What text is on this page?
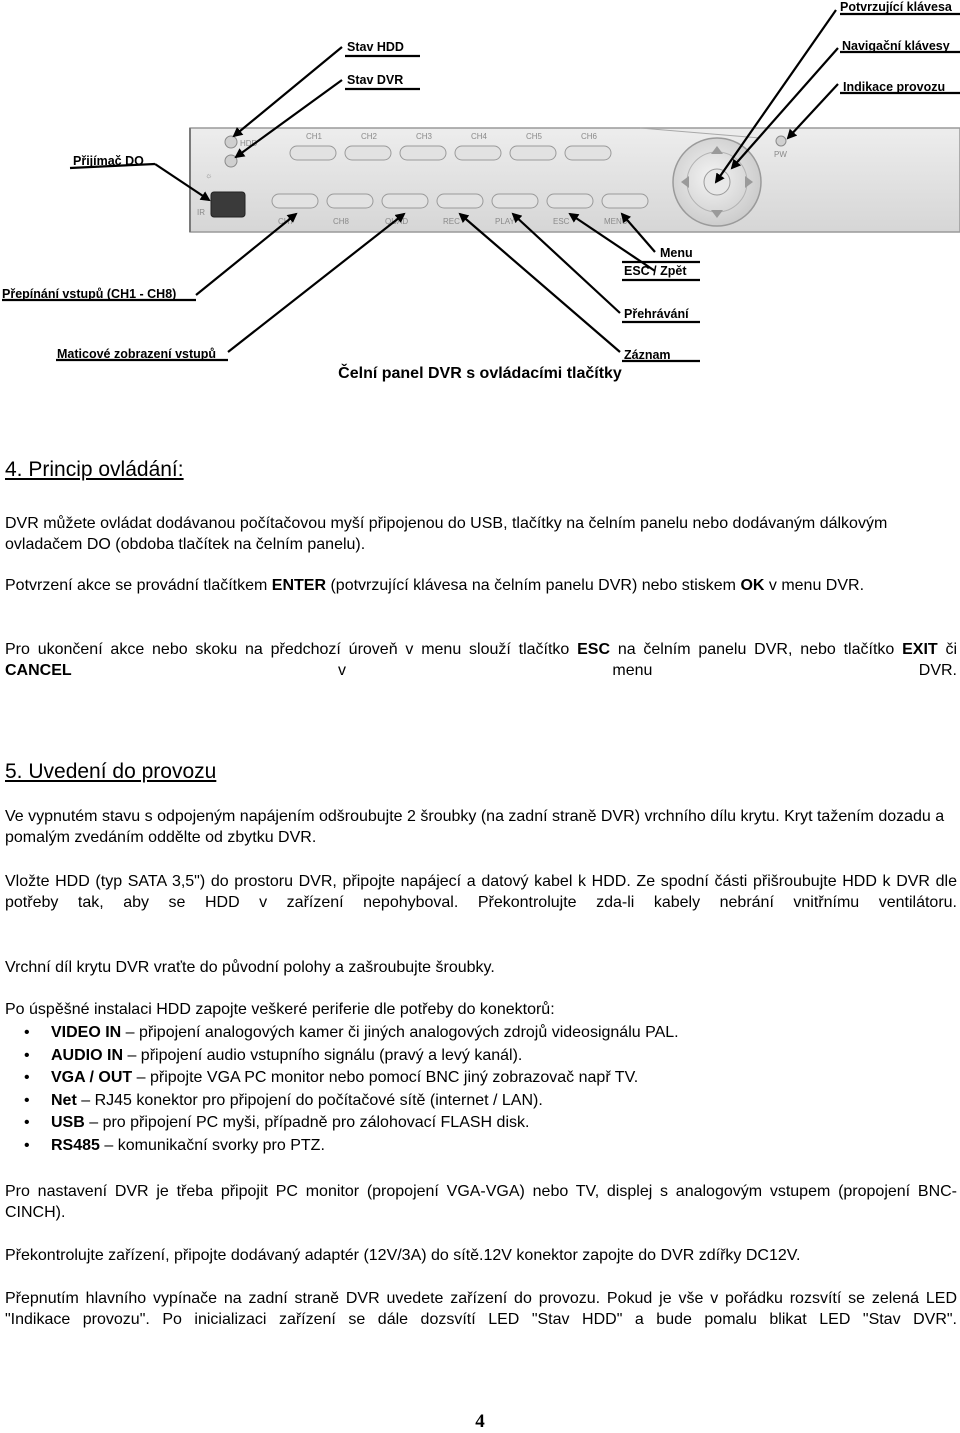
HDD
☼
IR
CH1	CH2	CH3	CH4	CH5	CH6
CH7	CH8	QUAD	REC	PLAY	ESC	MENU
PW
Potvrzující klávesa
Navigační klávesy
Indikace provozu
Stav HDD
Stav DVR
Přijímač DO
Přepínání vstupů (CH1 - CH8)
Maticové zobrazení vstupů
Menu
ESC / Zpět
Přehrávání
Záznam
Čelní panel DVR s ovládacími tlačítky
4. Princip ovládání:

DVR můžete ovládat dodávanou počítačovou myší připojenou do USB, tlačítky na čelním panelu nebo dodávaným dálkovým ovladačem DO (obdoba tlačítek na čelním panelu).

Potvrzení akce se provádní tlačítkem ENTER (potvrzující klávesa na čelním panelu DVR) nebo stiskem OK v menu DVR.

Pro ukončení akce nebo skoku na předchozí úroveň v menu slouží tlačítko ESC na čelním panelu DVR, nebo tlačítko EXIT či CANCEL v menu DVR.

5. Uvedení do provozu

Ve vypnutém stavu s odpojeným napájením odšroubujte 2 šroubky (na zadní straně DVR) vrchního dílu krytu. Kryt tažením dozadu a pomalým zvedáním oddělte od zbytku DVR.

Vložte HDD (typ SATA 3,5") do prostoru DVR, připojte napájecí a datový kabel k HDD. Ze spodní části přišroubujte HDD k DVR dle potřeby tak, aby se HDD v zařízení nepohyboval. Překontrolujte zda-li kabely nebrání vnitřnímu ventilátoru.

Vrchní díl krytu DVR vraťte do původní polohy a zašroubujte šroubky.

Po úspěšné instalaci HDD zapojte veškeré periferie dle potřeby do konektorů:

• VIDEO IN – připojení analogových kamer či jiných analogových zdrojů videosignálu PAL.
• AUDIO IN – připojení audio vstupního signálu (pravý a levý kanál).
• VGA / OUT – připojte VGA PC monitor nebo pomocí BNC jiný zobrazovač např TV.
• Net – RJ45 konektor pro připojení do počítačové sítě (internet / LAN).
• USB – pro připojení PC myši, případně pro zálohovací FLASH disk.
• RS485 – komunikační svorky pro PTZ.

Pro nastavení DVR je třeba připojit PC monitor (propojení VGA-VGA) nebo TV, displej s analogovým vstupem (propojení BNC-CINCH).

Překontrolujte zařízení, připojte dodávaný adaptér (12V/3A) do sítě.12V konektor zapojte do DVR zdířky DC12V.

Přepnutím hlavního vypínače na zadní straně DVR uvedete zařízení do provozu. Pokud je vše v pořádku rozsvítí se zelená LED "Indikace provozu". Po inicializaci zařízení se dále dozsvítí LED "Stav HDD" a bude pomalu blikat LED "Stav DVR".

4
